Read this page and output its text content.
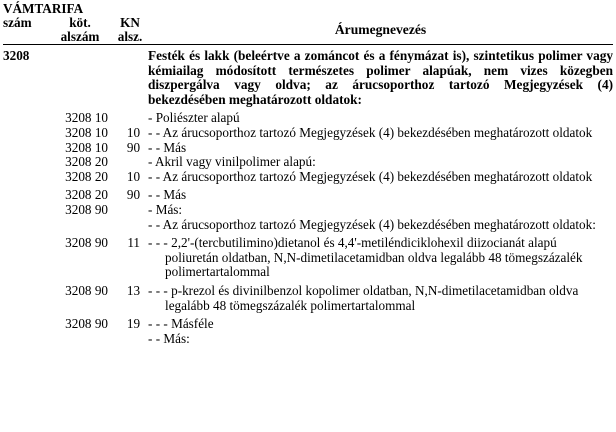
VÁMTARIFA			
szám	köt.	KN	Árumegnevezés
	alszám	alsz.	

3208			Festék és lakk (beleértve a zománcot és a fénymázat is), szintetikus polimer vagy kémiailag módosított természetes polimer alapúak, nem vizes közegben diszpergálva vagy oldva; az árucsoporthoz tartozó Megjegyzések (4) bekezdésében meghatározott oldatok:
	3208 10		- Poliészter alapú
	3208 10	10	- - Az árucsoporthoz tartozó Megjegyzések (4) bekezdésében meghatározott oldatok
	3208 10	90	- - Más
	3208 20		- Akril vagy vinilpolimer alapú:
	3208 20	10	- - Az árucsoporthoz tartozó Megjegyzések (4) bekezdésében meghatározott oldatok
	3208 20	90	- - Más
	3208 90		- Más:

			- - Az árucsoporthoz tartozó Megjegyzések (4) bekezdésében meghatározott oldatok:

	3208 90	11	- - - 2,2'-(tercbutilimino)dietanol és 4,4'-metiléndiciklohexil diizocianát alapú poliuretán oldatban, N,N-dimetilacetamidban oldva legalább 48 tömegszázalék polimertartalommal

	3208 90	13	- - - p-krezol és divinilbenzol kopolimer oldatban, N,N-dimetilacetamidban oldva legalább 48 tömegszázalék polimertartalommal

	3208 90	19	- - - Másféle
			- - Más:
